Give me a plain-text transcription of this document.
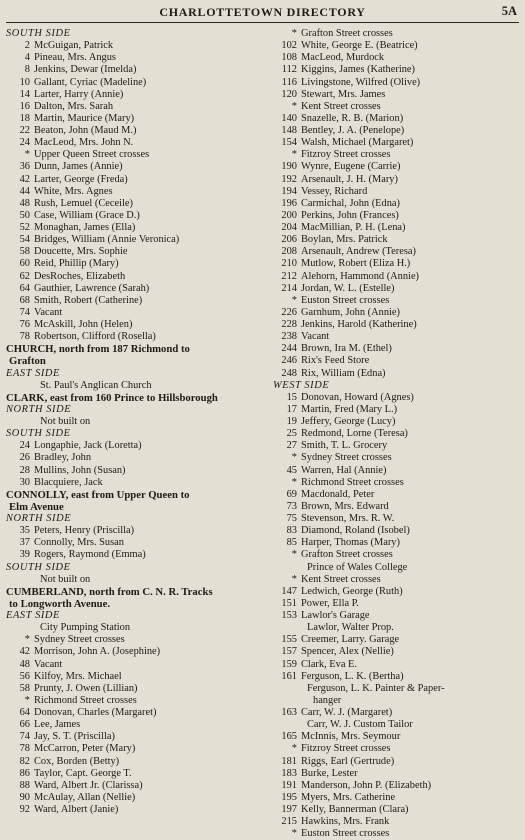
CHARLOTTETOWN DIRECTORY	5A
SOUTH SIDE
2 McGuigan, Patrick
4 Pineau, Mrs. Angus
8 Jenkins, Dewar (Imelda)
10 Gallant, Cyriac (Madeline)
14 Larter, Harry (Annie)
16 Dalton, Mrs. Sarah
18 Martin, Maurice (Mary)
22 Beaton, John (Maud M.)
24 MacLeod, Mrs. John N.
* Upper Queen Street crosses
36 Dunn, James (Annie)
42 Larter, George (Freda)
44 White, Mrs. Agnes
48 Rush, Lemuel (Ceceile)
50 Case, William (Grace D.)
52 Monaghan, James (Ella)
54 Bridges, William (Annie Veronica)
58 Doucette, Mrs. Sophie
60 Reid, Phillip (Mary)
62 DesRoches, Elizabeth
64 Gauthier, Lawrence (Sarah)
68 Smith, Robert (Catherine)
74 Vacant
76 McAskill, John (Helen)
78 Robertson, Clifford (Rosella)
CHURCH, north from 187 Richmond to
Grafton
EAST SIDE
St. Paul's Anglican Church
CLARK, east from 160 Prince to Hillsborough
NORTH SIDE
Not built on
SOUTH SIDE
24 Longaphie, Jack (Loretta)
26 Bradley, John
28 Mullins, John (Susan)
30 Blacquiere, Jack
CONNOLLY, east from Upper Queen to
Elm Avenue
NORTH SIDE
35 Peters, Henry (Priscilla)
37 Connolly, Mrs. Susan
39 Rogers, Raymond (Emma)
SOUTH SIDE
Not built on
CUMBERLAND, north from C. N. R. Tracks
to Longworth Avenue.
EAST SIDE
City Pumping Station
* Sydney Street crosses
42 Morrison, John A. (Josephine)
48 Vacant
56 Kilfoy, Mrs. Michael
58 Prunty, J. Owen (Lillian)
* Richmond Street crosses
64 Donovan, Charles (Margaret)
66 Lee, James
74 Jay, S. T. (Priscilla)
78 McCarron, Peter (Mary)
82 Cox, Borden (Betty)
86 Taylor, Capt. George T.
88 Ward, Albert Jr. (Clarissa)
90 McAulay, Allan (Nellie)
92 Ward, Albert (Janie)
* Grafton Street crosses
102 White, George E. (Beatrice)
108 MacLeod, Murdock
112 Kiggins, James (Katherine)
116 Livingstone, Wilfred (Olive)
120 Stewart, Mrs. James
* Kent Street crosses
140 Snazelle, R. B. (Marion)
148 Bentley, J. A. (Penelope)
154 Walsh, Michael (Margaret)
* Fitzroy Street crosses
190 Wynre, Eugene (Carrie)
192 Arsenault, J. H. (Mary)
194 Vessey, Richard
196 Carmichal, John (Edna)
200 Perkins, John (Frances)
204 MacMillian, P. H. (Lena)
206 Boylan, Mrs. Patrick
208 Arsenault, Andrew (Teresa)
210 Mutlow, Robert (Eliza H.)
212 Alehorn, Hammond (Annie)
214 Jordan, W. L. (Estelle)
* Euston Street crosses
226 Garnhum, John (Annie)
228 Jenkins, Harold (Katherine)
238 Vacant
244 Brown, Ira M. (Ethel)
246 Rix's Feed Store
248 Rix, William (Edna)
WEST SIDE
15 Donovan, Howard (Agnes)
17 Martin, Fred (Mary L.)
19 Jeffery, George (Lucy)
25 Redmond, Lorne (Teresa)
27 Smith, T. L. Grocery
* Sydney Street crosses
45 Warren, Hal (Annie)
* Richmond Street crosses
69 Macdonald, Peter
73 Brown, Mrs. Edward
75 Stevenson, Mrs. R. W.
83 Diamond, Roland (Isobel)
85 Harper, Thomas (Mary)
* Grafton Street crosses
Prince of Wales College
* Kent Street crosses
147 Ledwich, George (Ruth)
151 Power, Ella P.
153 Lawlor's Garage
Lawlor, Walter Prop.
155 Creemer, Larry. Garage
157 Spencer, Alex (Nellie)
159 Clark, Eva E.
161 Ferguson, L. K. (Bertha)
Ferguson, L. K. Painter & Paper-
hanger
163 Carr, W. J. (Margaret)
Carr, W. J. Custom Tailor
165 McInnis, Mrs. Seymour
* Fitzroy Street crosses
181 Riggs, Earl (Gertrude)
183 Burke, Lester
191 Manderson, John P. (Elizabeth)
195 Myers, Mrs. Catherine
197 Kelly, Bannerman (Clara)
215 Hawkins, Mrs. Frank
* Euston Street crosses
